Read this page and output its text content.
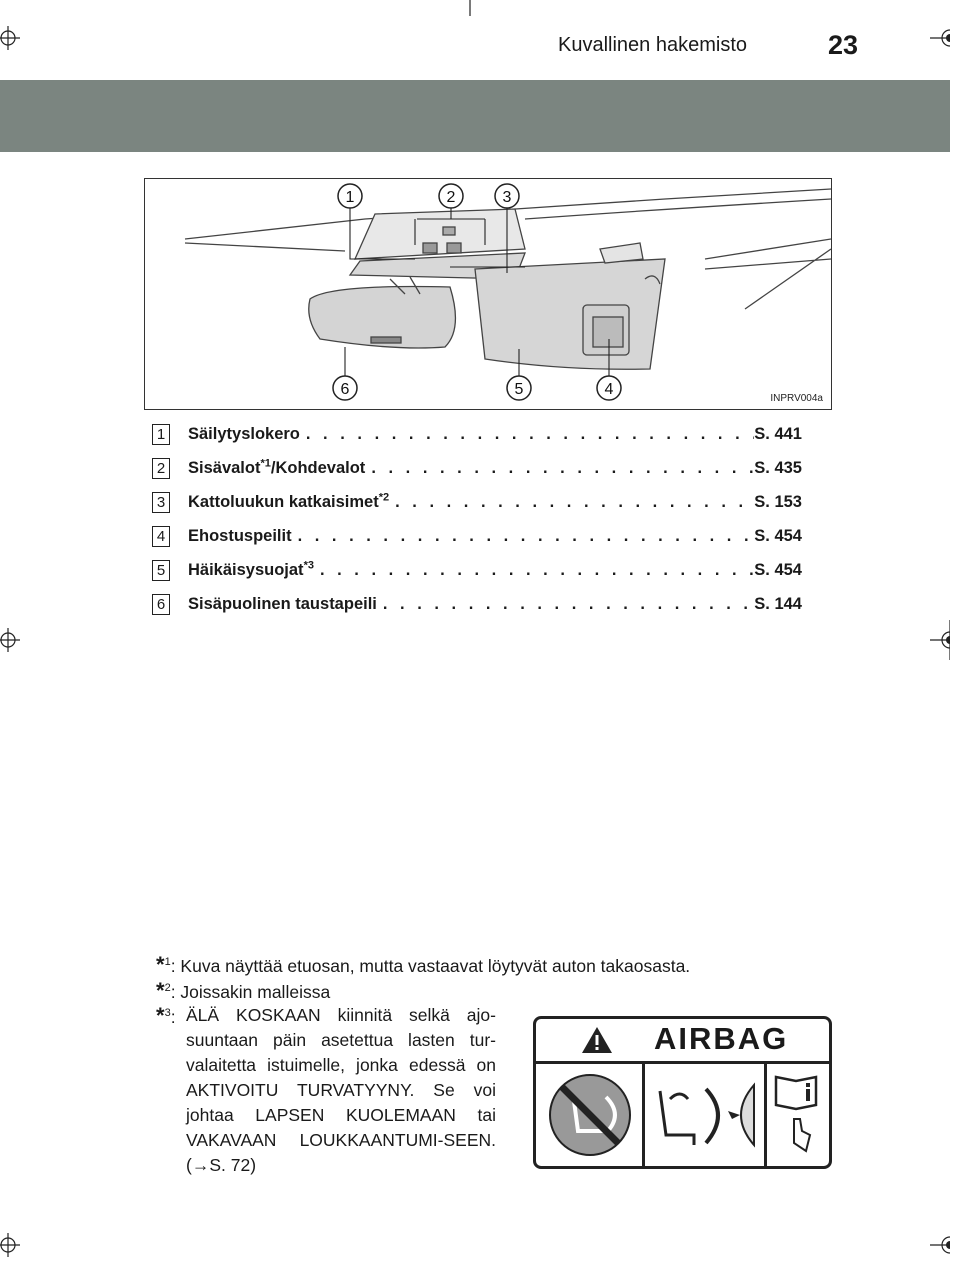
Kuvallinen hakemisto	23
1	2	3
4
5
6
INPRV004a
1 Säilytyslokero . . .	S. 441
2 Sisävalot$^{*1}$/Kohdevalot . . .	S. 435
3 Kattoluukun katkaisimet$^{*2}$ . . .	S. 153
4 Ehostuspeilit . . .	S. 454
5 Häikäisysuojat$^{*3}$ . . .	S. 454
6 Sisäpuolinen taustapeili . . .	S. 144
*$^1$: Kuva näyttää etuosan, mutta vastaavat löytyvät auton takaosasta.
*$^2$: Joissakin malleissa
*$^3$: ÄLÄ KOSKAAN kiinnitä selkä ajo-suuntaan päin asetettua lasten tur-valaitetta istuimelle, jonka edessä on AKTIVOITU TURVATYYNY. Se voi johtaa LAPSEN KUOLEMAAN tai VAKAVAAN LOUKKAANTUMI-SEEN. (→S. 72)
AIRBAG
